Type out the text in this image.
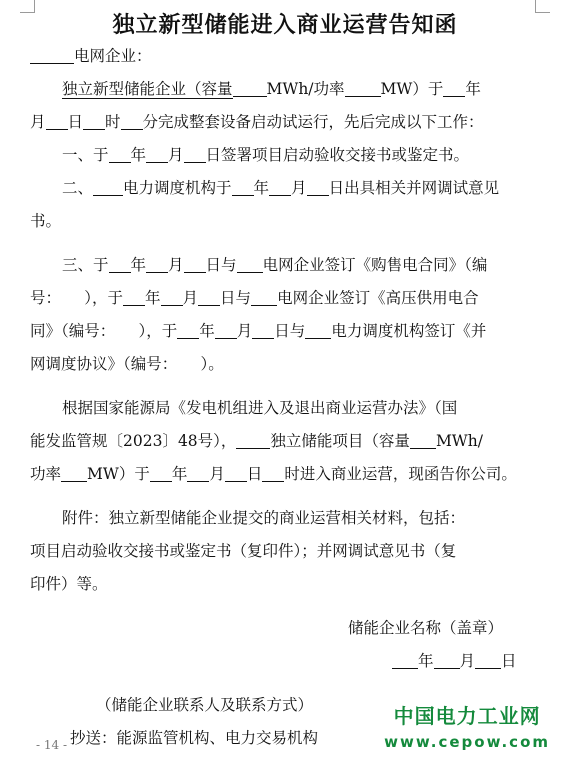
独立新型储能进入商业运营告知函
电网企业：
独立新型储能企业（容量 MWh/功率 MW）于 年
月 日 时 分完成整套设备启动试运行，先后完成以下工作：
一、于 年 月 日签署项目启动验收交接书或鉴定书。
二、 电力调度机构于 年 月 日出具相关并网调试意见
书。
三、于 年 月 日与 电网企业签订《购售电合同》（编
号：　　），于 年 月 日与 电网企业签订《高压供用电合
同》（编号：　　），于 年 月 日与 电力调度机构签订《并
网调度协议》（编号：　　）。
根据国家能源局《发电机组进入及退出商业运营办法》（国
能发监管规〔2023〕48号）， 独立储能项目（容量 MWh/
功率 MW）于 年 月 日 时进入商业运营，现函告你公司。
附件：独立新型储能企业提交的商业运营相关材料，包括：
项目启动验收交接书或鉴定书（复印件）；并网调试意见书（复
印件）等。
储能企业名称（盖章）
年 月 日
（储能企业联系人及联系方式）
抄送：能源监管机构、电力交易机构
中国电力工业网
www.cepow.com
- 14 -
